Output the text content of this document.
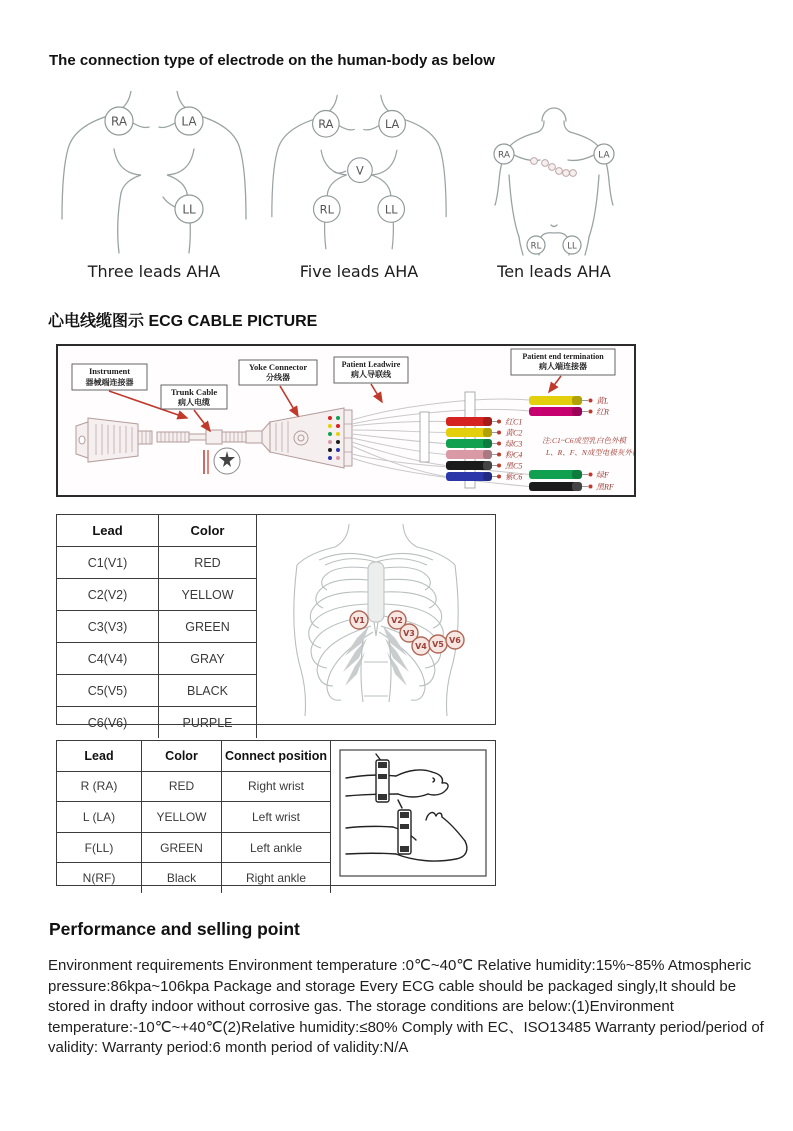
The connection type of electrode on the human-body as below
RA	LA
LL
Three leads AHA
RA	LA
V
RL	LL
Five leads AHA
RA	LA
RL	LL
Ten leads AHA
心电线缆图示 ECG CABLE PICTURE
黄L
红R
红C1
黄C2
绿C3
粉C4
黑C5
紫C6	绿F
黑RF
注:C1~C6成型乳白色外模
L、R、F、N成型电极灰外模
Instrument
器械端连接器
Trunk Cable
病人电缆
Yoke Connector
分线器
Patient Leadwire
病人导联线
Patient end termination
病人端连接器
Lead	Color
C1(V1)	RED
C2(V2)	YELLOW
C3(V3)	GREEN
C4(V4)	GRAY
C5(V5)	BLACK
C6(V6)	PURPLE
V1	V2
V3
V4 V5 V6
Lead	Color	Connect position
R (RA)	RED	Right wrist
L (LA)	YELLOW	Left wrist
F(LL)	GREEN	Left ankle
N(RF)	Black	Right ankle
Performance and selling point
Environment requirements Environment temperature :0℃~40℃ Relative humidity:15%~85% Atmospheric pressure:86kpa~106kpa Package and storage Every ECG cable should be packaged singly,It should be stored in drafty indoor without corrosive gas. The storage conditions are below:(1)Environment temperature:-10℃~+40℃(2)Relative humidity:≤80% Comply with EC、ISO13485 Warranty period/period of validity: Warranty period:6 month period of validity:N/A
